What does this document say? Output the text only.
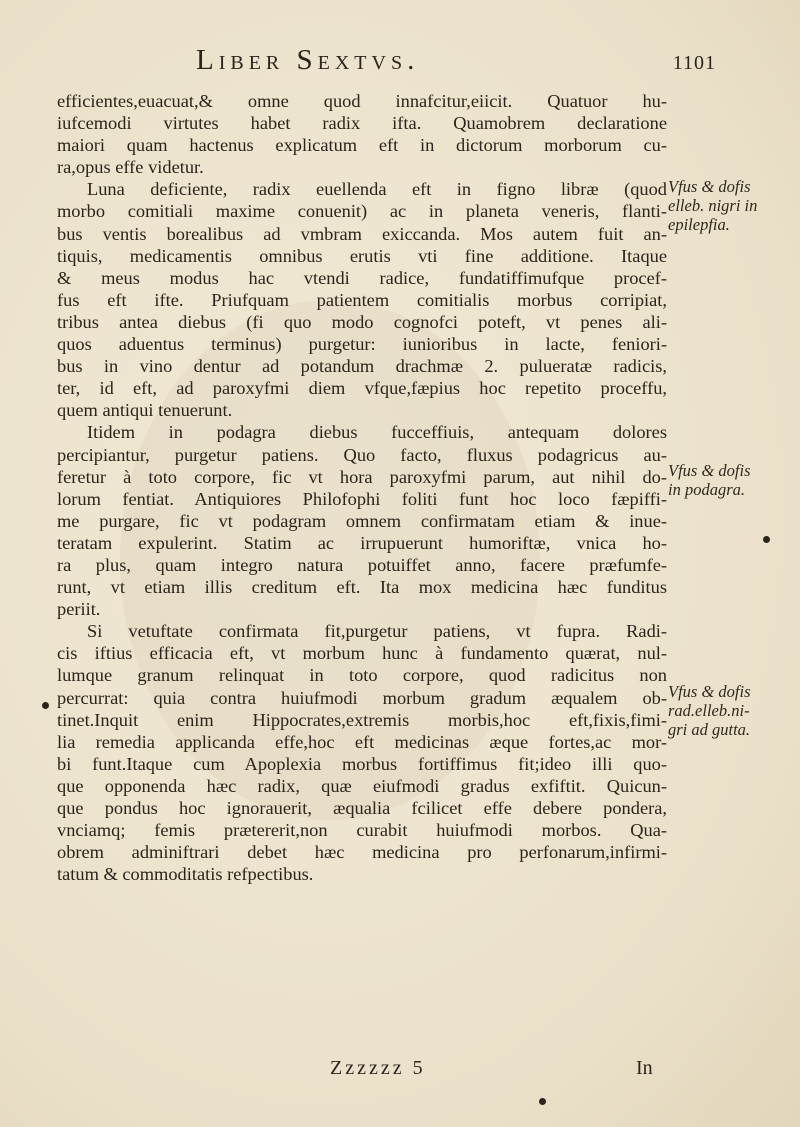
Liber Sextvs.	1101

efficientes,euacuat,& omne quod innafcitur,eiicit. Quatuor hu-
iufcemodi virtutes habet radix ifta. Quamobrem declaratione
maiori quam hactenus explicatum eft in dictorum morborum cu-
ra,opus effe videtur.

Luna deficiente, radix euellenda eft in figno libræ (quod
morbo comitiali maxime conuenit) ac in planeta veneris, flanti-
bus ventis borealibus ad vmbram exiccanda. Mos autem fuit an-
tiquis, medicamentis omnibus erutis vti fine additione. Itaque
& meus modus hac vtendi radice, fundatiffimufque procef-
fus eft ifte. Priufquam patientem comitialis morbus corripiat,
tribus antea diebus (fi quo modo cognofci poteft, vt penes ali-
quos aduentus terminus) purgetur: iunioribus in lacte, feniori-
bus in vino dentur ad potandum drachmæ 2. pulueratæ radicis,
ter, id eft, ad paroxyfmi diem vfque,fæpius hoc repetito proceffu,
quem antiqui tenuerunt.

Itidem in podagra diebus fucceffiuis, antequam dolores
percipiantur, purgetur patiens. Quo facto, fluxus podagricus au-
feretur à toto corpore, fic vt hora paroxyfmi parum, aut nihil do-
lorum fentiat. Antiquiores Philofophi foliti funt hoc loco fæpiffi-
me purgare, fic vt podagram omnem confirmatam etiam & inue-
teratam expulerint. Statim ac irrupuerunt humoriftæ, vnica ho-
ra plus, quam integro natura potuiffet anno, facere præfumfe-
runt, vt etiam illis creditum eft. Ita mox medicina hæc funditus
periit.

Si vetuftate confirmata fit,purgetur patiens, vt fupra. Radi-
cis iftius efficacia eft, vt morbum hunc à fundamento quærat, nul-
lumque granum relinquat in toto corpore, quod radicitus non
percurrat: quia contra huiufmodi morbum gradum æqualem ob-
tinet.Inquit enim Hippocrates,extremis morbis,hoc eft,fixis,fimi-
lia remedia applicanda effe,hoc eft medicinas æque fortes,ac mor-
bi funt.Itaque cum Apoplexia morbus fortiffimus fit;ideo illi quo-
que opponenda hæc radix, quæ eiufmodi gradus exfiftit. Quicun-
que pondus hoc ignorauerit, æqualia fcilicet effe debere pondera,
vnciamq; femis prætererit,non curabit huiufmodi morbos. Qua-
obrem adminiftrari debet hæc medicina pro perfonarum,infirmi-
tatum & commoditatis refpectibus.

Vfus & dofis
elleb. nigri in
epilepfia.
Vfus & dofis
in podagra.
Vfus & dofis
rad.elleb.ni-
gri ad gutta.
Zzzzzz 5	In
